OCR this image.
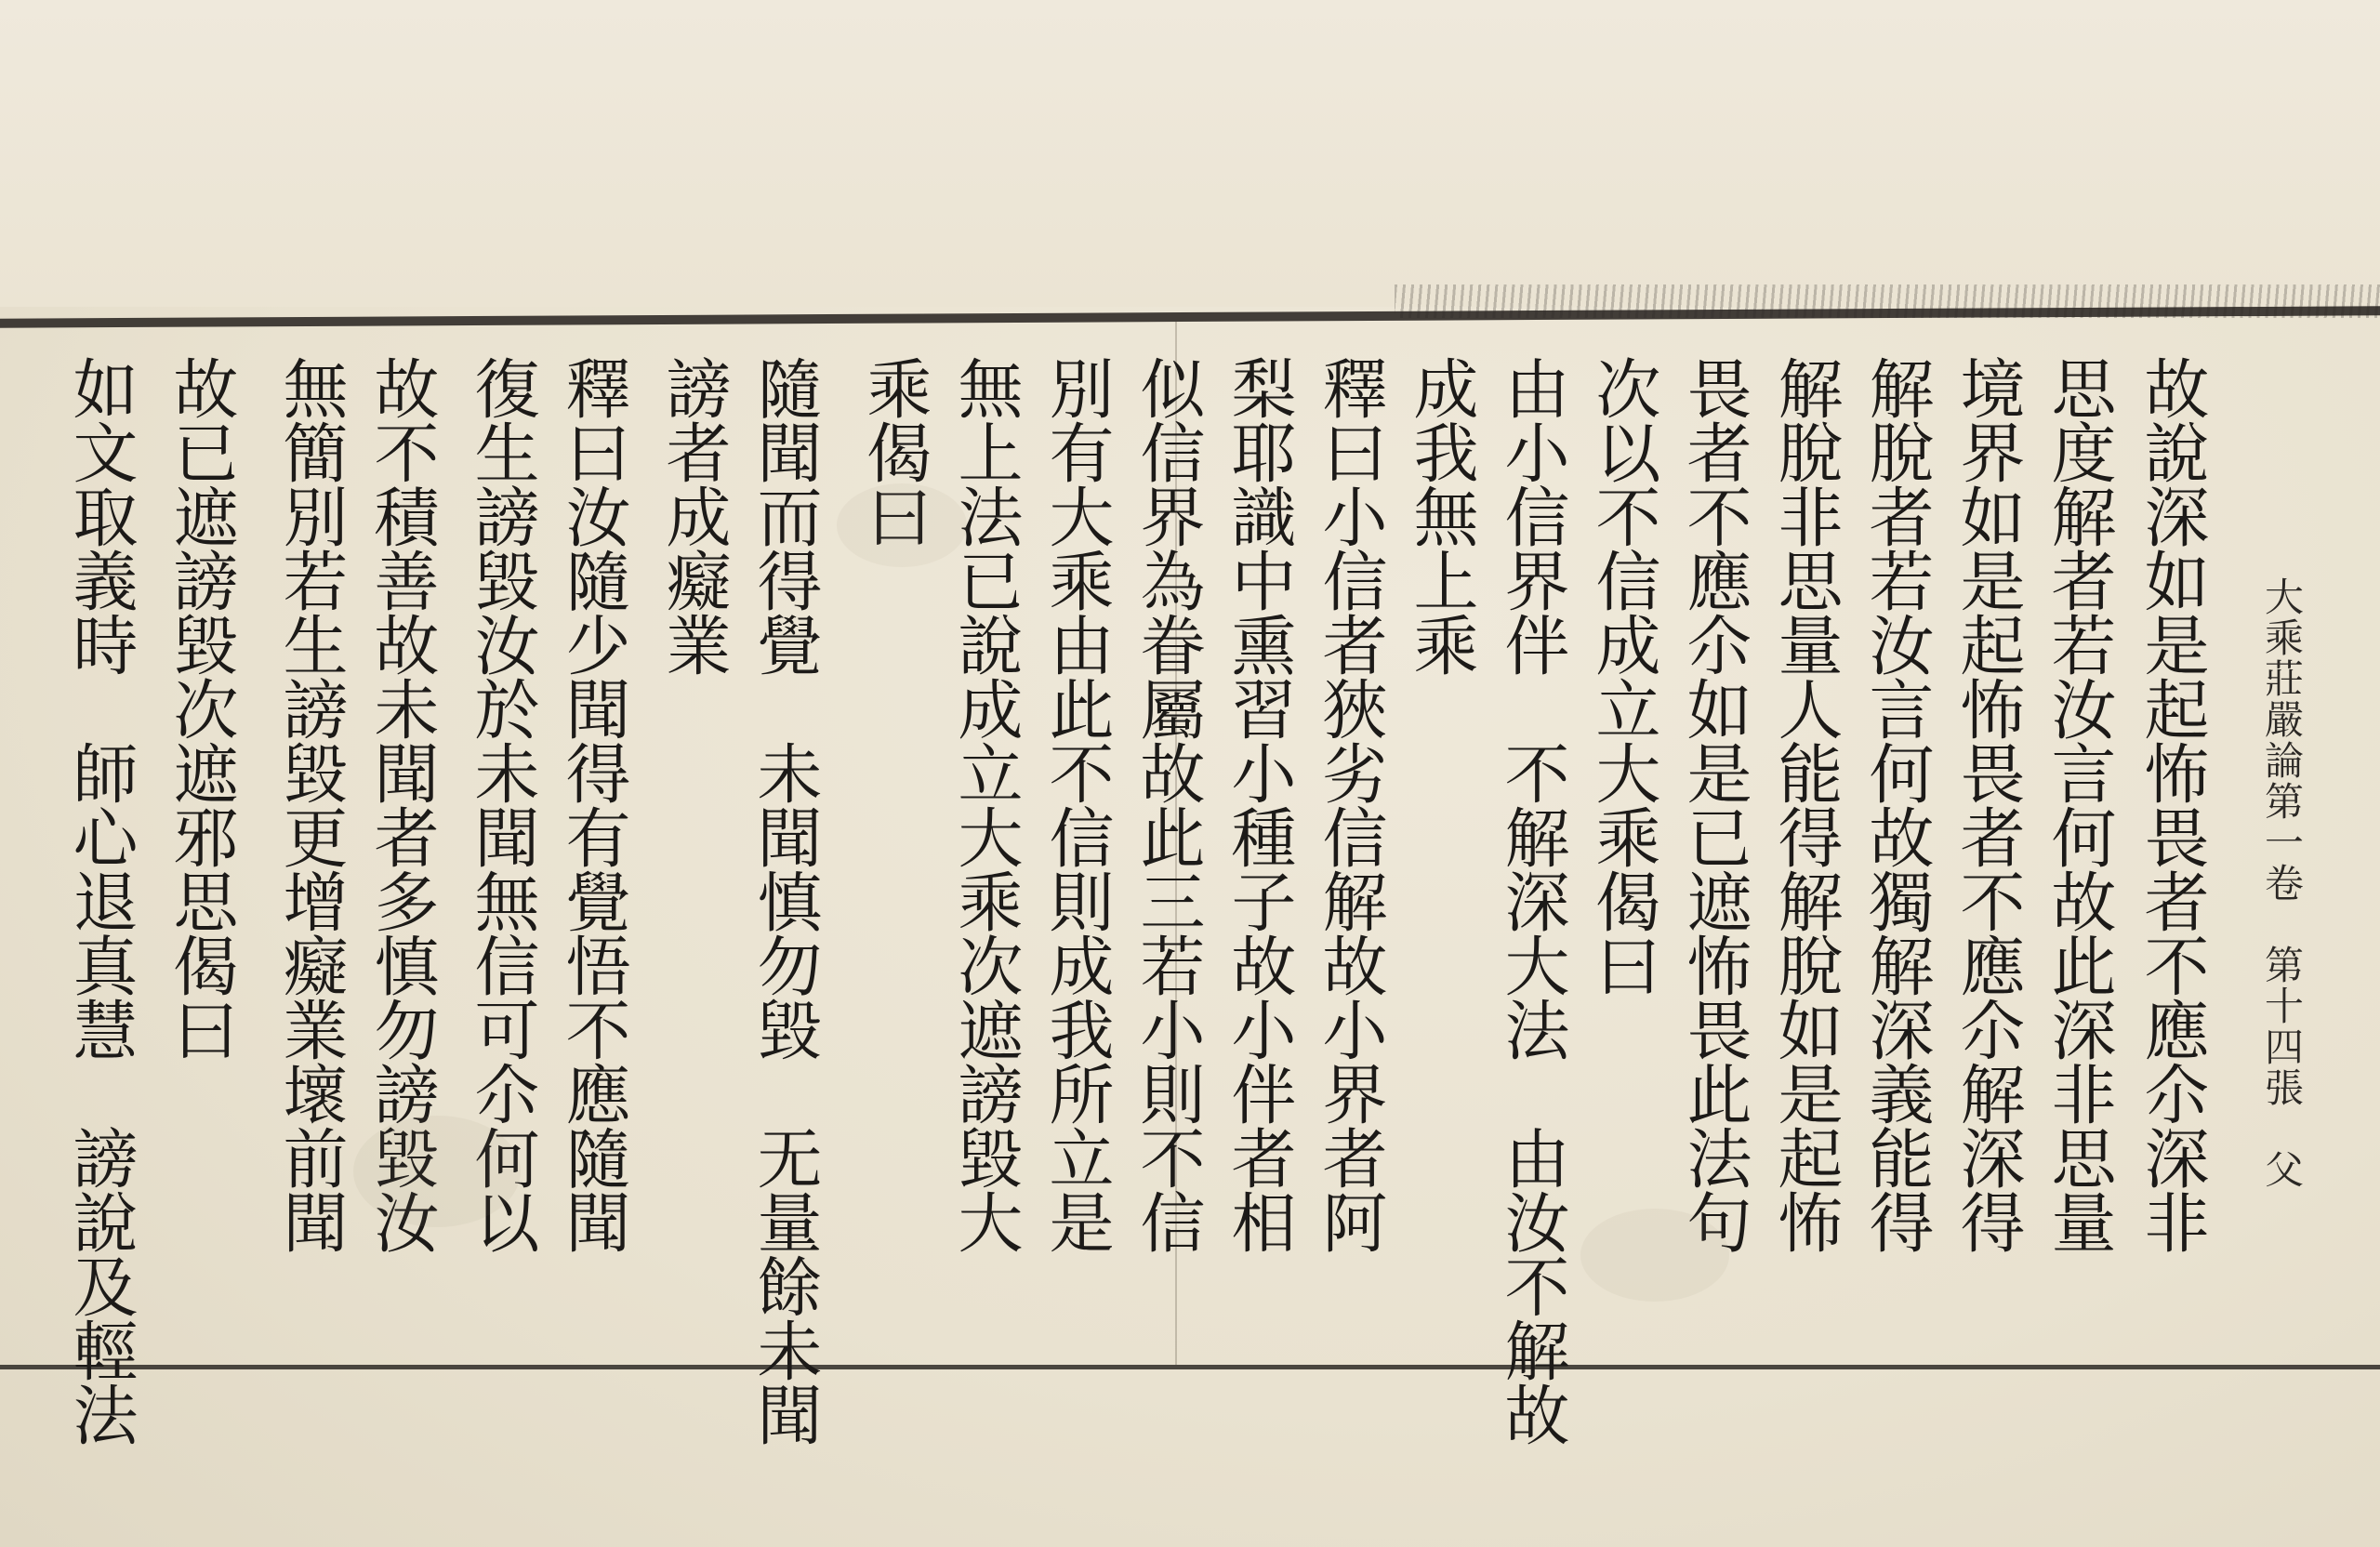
大乘莊嚴論第一卷　第十四張　父
故說深如是起怖畏者不應尒深非
思度解者若汝言何故此深非思量
境界如是起怖畏者不應尒解深得
解脫者若汝言何故獨解深義能得
解脫非思量人能得解脫如是起怖
畏者不應尒如是已遮怖畏此法句
次以不信成立大乘偈曰
由小信界伴　不解深大法　由汝不解故
成我無上乘
釋曰小信者狹劣信解故小界者阿
梨耶識中熏習小種子故小伴者相
似信界為眷屬故此三若小則不信
別有大乘由此不信則成我所立是
無上法已說成立大乘次遮謗毀大
乘偈曰
隨聞而得覺　未聞慎勿毀　无量餘未聞
謗者成癡業
釋曰汝隨少聞得有覺悟不應隨聞
復生謗毀汝於未聞無信可尒何以
故不積善故未聞者多慎勿謗毀汝
無簡別若生謗毀更增癡業壞前聞
故已遮謗毀次遮邪思偈曰
如文取義時　師心退真慧　謗說及輕法
